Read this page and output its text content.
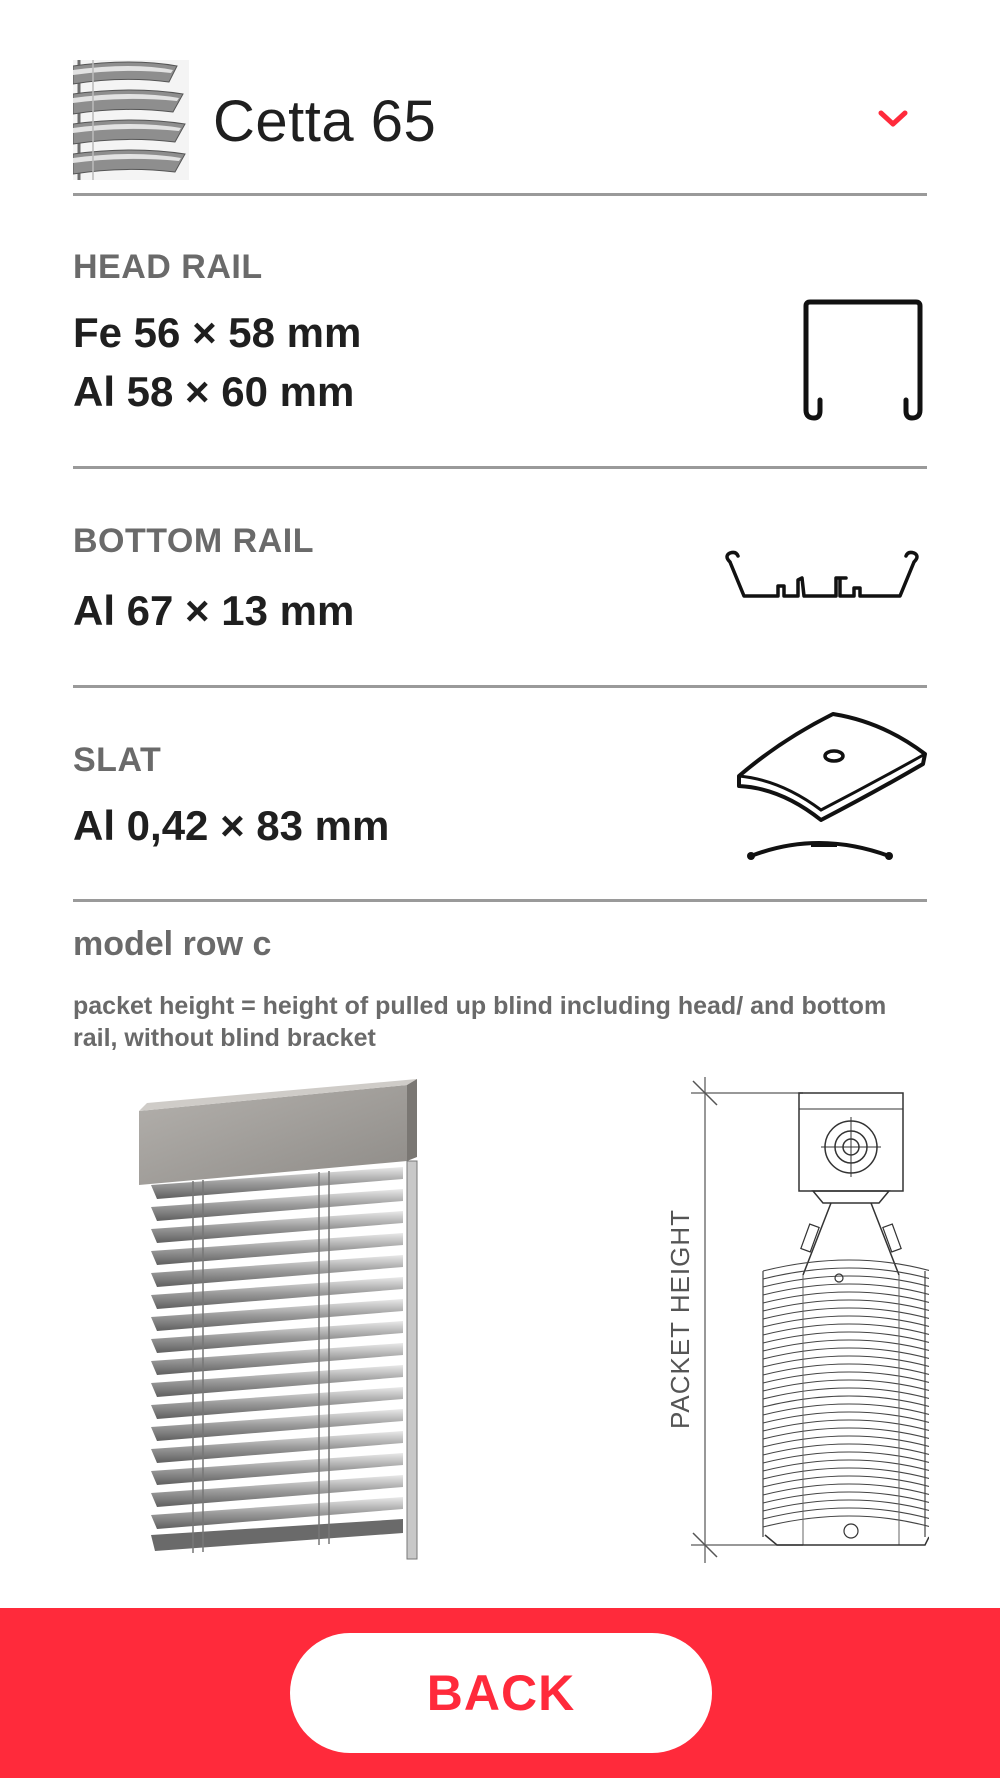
Cetta 65
HEAD RAIL
Fe 56 × 58 mm
Al 58 × 60 mm
BOTTOM RAIL
Al 67 × 13 mm
SLAT
Al 0,42 × 83 mm
model row c
packet height = height of pulled up blind including head/ and bottom rail, without blind bracket
PACKET HEIGHT
BACK
